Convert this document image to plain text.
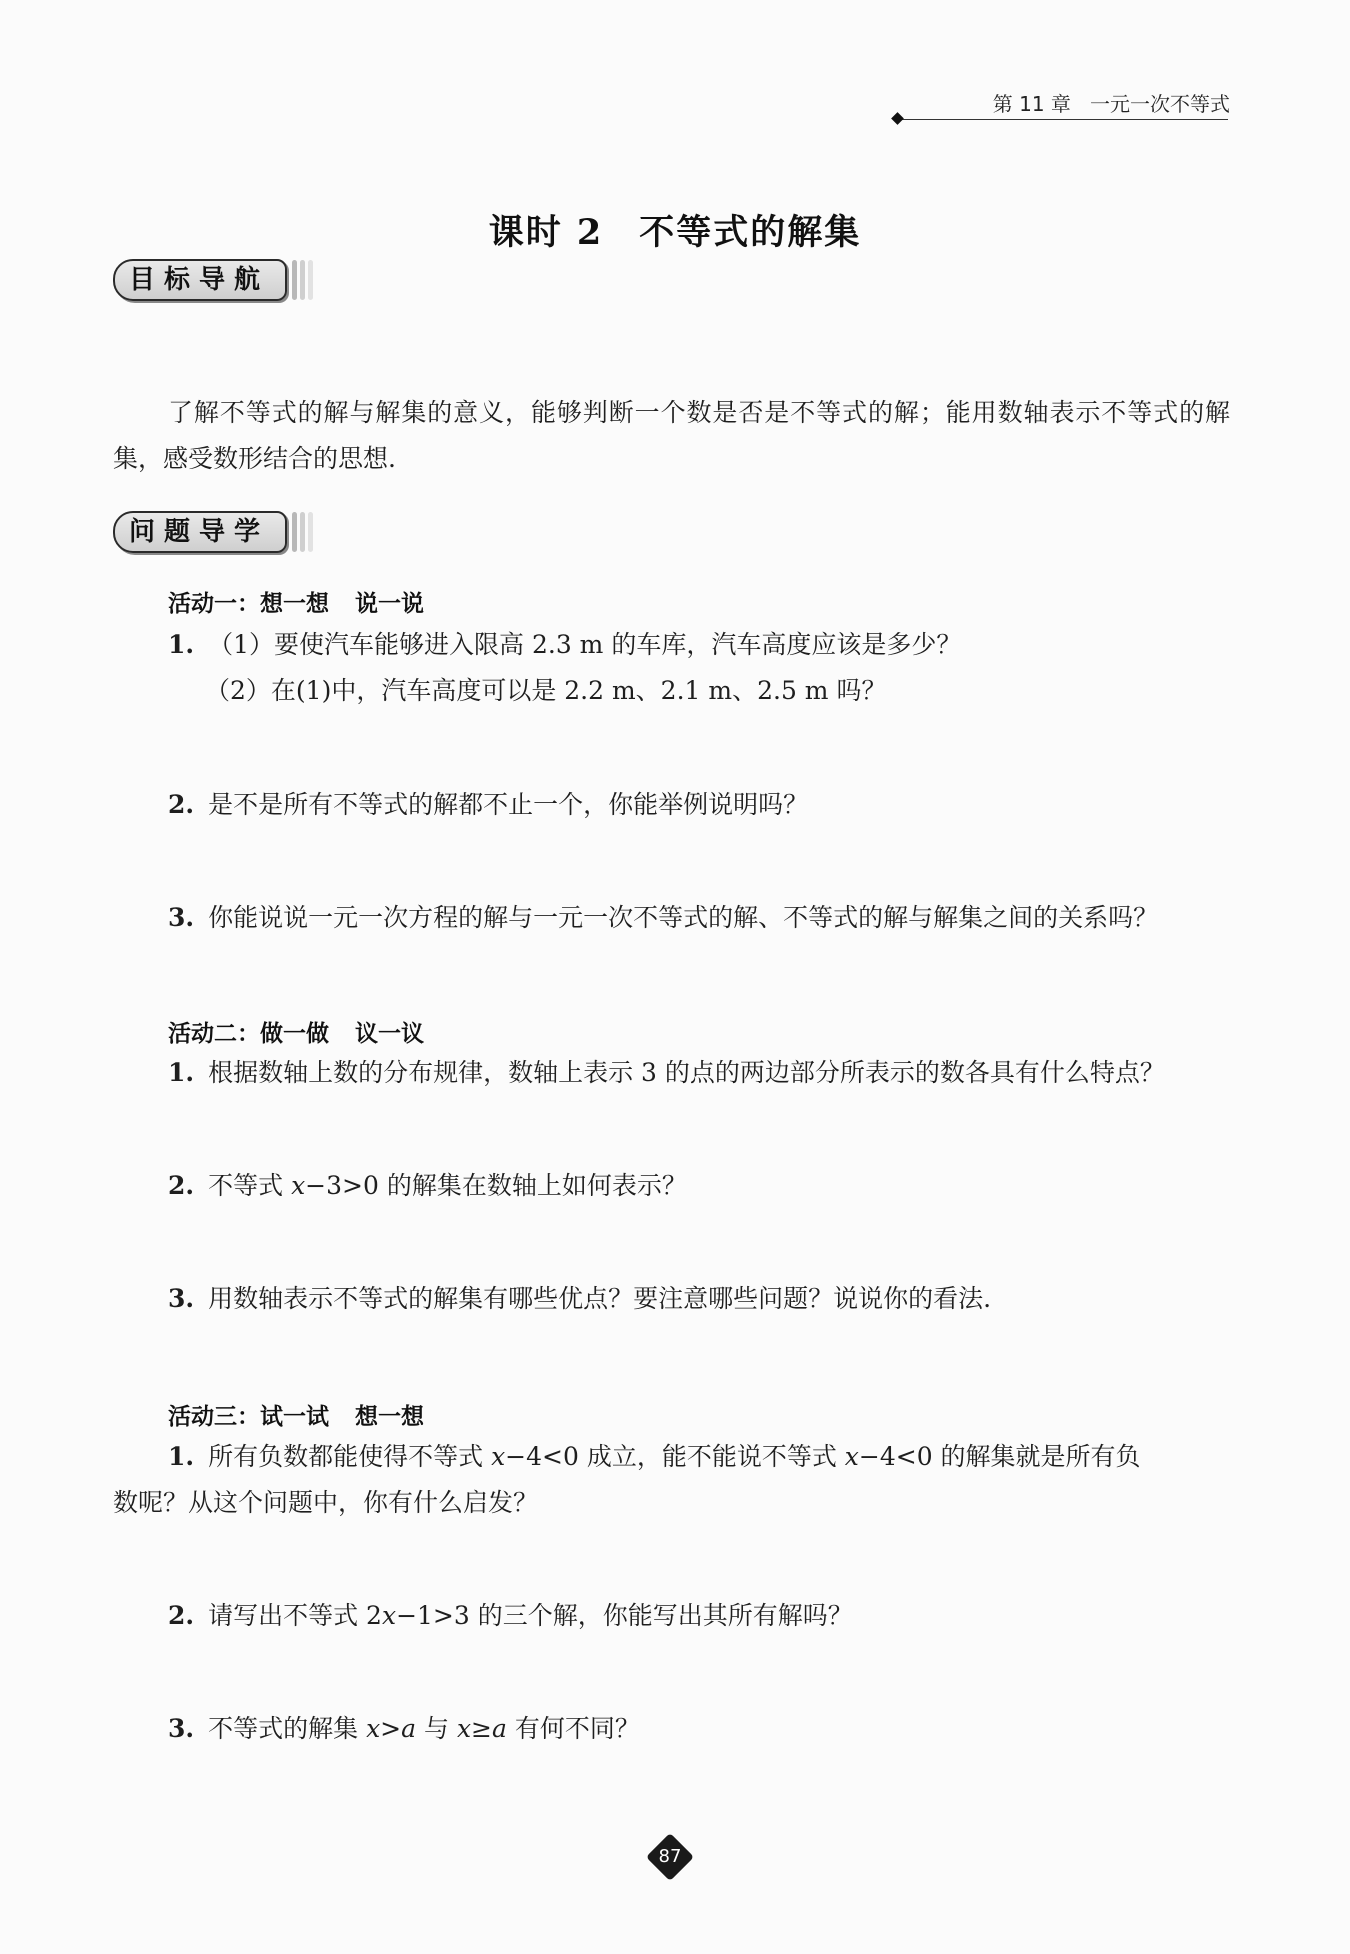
第 11 章 一元一次不等式
课时 2 不等式的解集
目标导航
了解不等式的解与解集的意义，能够判断一个数是否是不等式的解；能用数轴表示不等式的解集，感受数形结合的思想.
问题导学
活动一：想一想 说一说
1. （1）要使汽车能够进入限高 2.3 m 的车库，汽车高度应该是多少？
（2）在(1)中，汽车高度可以是 2.2 m、2.1 m、2.5 m 吗？
2. 是不是所有不等式的解都不止一个，你能举例说明吗？
3. 你能说说一元一次方程的解与一元一次不等式的解、不等式的解与解集之间的关系吗？
活动二：做一做 议一议
1. 根据数轴上数的分布规律，数轴上表示 3 的点的两边部分所表示的数各具有什么特点？
2. 不等式 x−3>0 的解集在数轴上如何表示？
3. 用数轴表示不等式的解集有哪些优点？要注意哪些问题？说说你的看法.
活动三：试一试 想一想
1. 所有负数都能使得不等式 x−4<0 成立，能不能说不等式 x−4<0 的解集就是所有负
数呢？从这个问题中，你有什么启发？
2. 请写出不等式 2x−1>3 的三个解，你能写出其所有解吗？
3. 不等式的解集 x>a 与 x≥a 有何不同？
87
